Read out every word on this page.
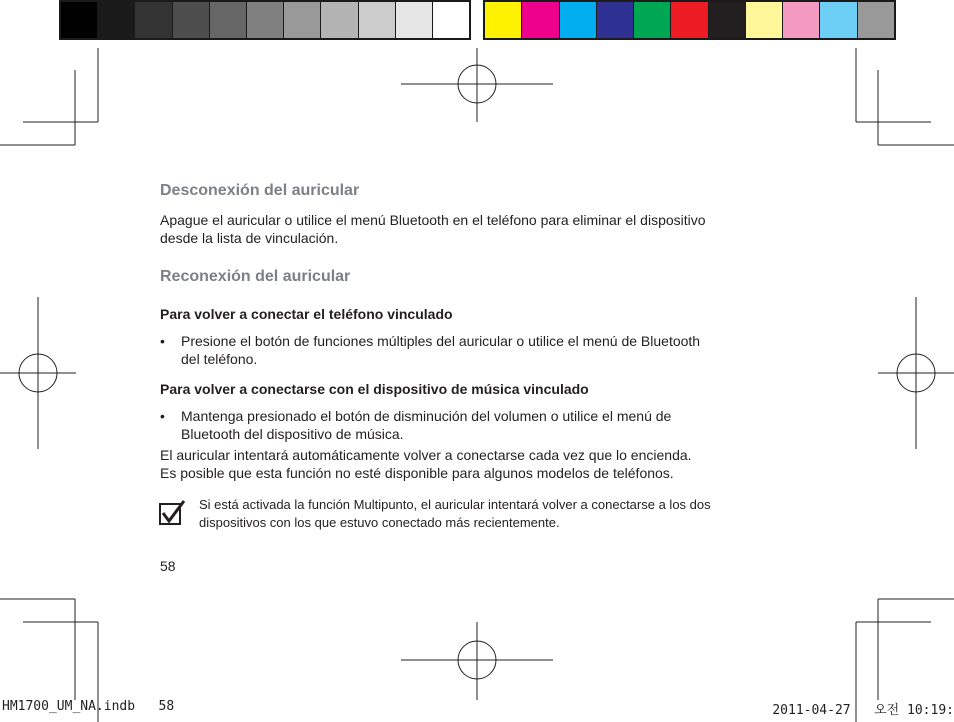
Desconexión del auricular

Apague el auricular o utilice el menú Bluetooth en el teléfono para eliminar el dispositivo

desde la lista de vinculación.

Reconexión del auricular

Para volver a conectar el teléfono vinculado

• Presione el botón de funciones múltiples del auricular o utilice el menú de Bluetooth

del teléfono.

Para volver a conectarse con el dispositivo de música vinculado

• Mantenga presionado el botón de disminución del volumen o utilice el menú de

Bluetooth del dispositivo de música.

El auricular intentará automáticamente volver a conectarse cada vez que lo encienda.

Es posible que esta función no esté disponible para algunos modelos de teléfonos.

Si está activada la función Multipunto, el auricular intentará volver a conectarse a los dos
dispositivos con los que estuvo conectado más recientemente.

58
HM1700_UM_NA.indb   58	2011-04-27   오전 10:19:
